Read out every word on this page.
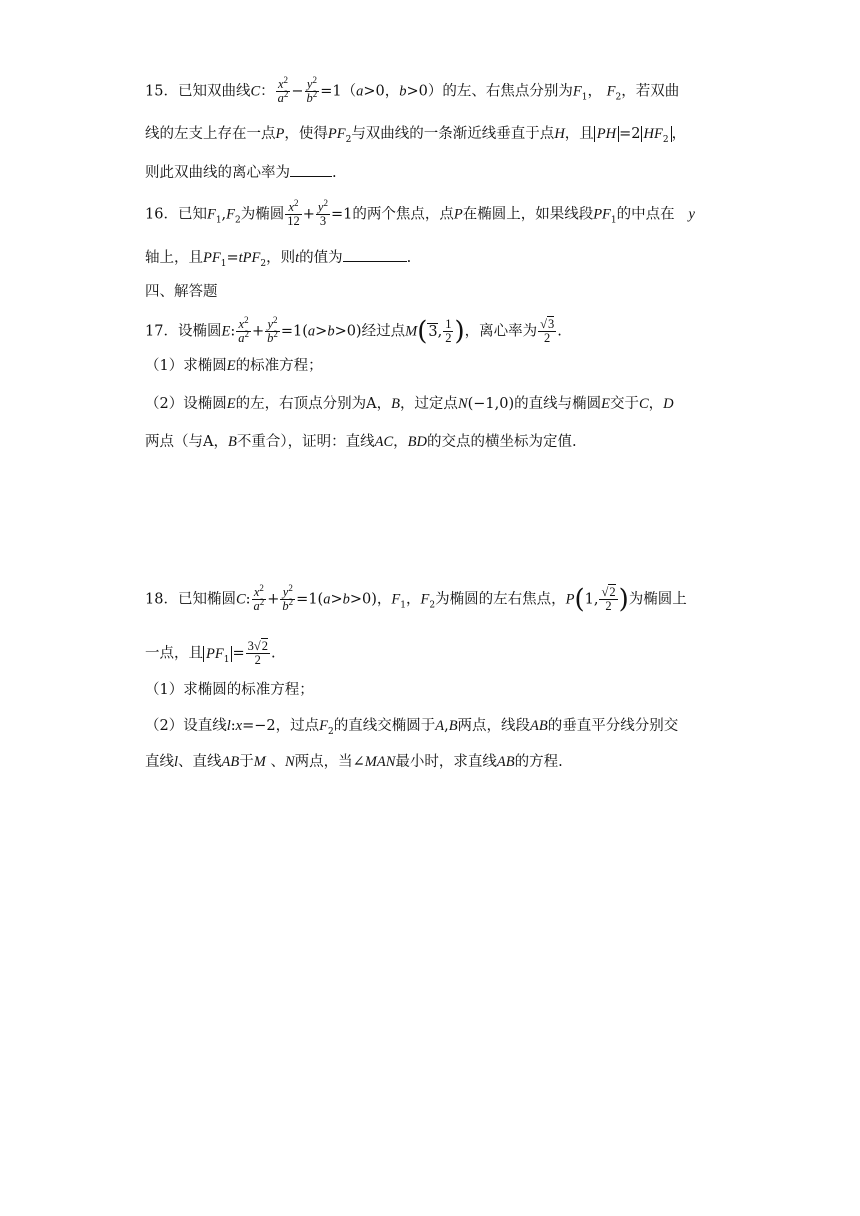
15．已知双曲线C： $\frac{x^2}{a^2} - \frac{y^2}{b^2} =1(a>0$，b>0）的左、右焦点分别为$F_1$， $F_2$，若双曲
线的左支上存在一点P，使得$PF_2$与双曲线的一条渐近线垂直于点H，且 PH =2 $HF_2$ ，
则此双曲线的离心率为	.
16．已知$F_1,F_2$为椭圆 $\frac{x^2}{12} + \frac{y^2}{3} =1$的两个焦点，点P在椭圆上，如果线段$PF_1$的中点在 y
轴上，且$PF_1=tPF_2$，则t的值为	.
四、解答题
17．设椭圆E: $\frac{x^2}{a^2} + \frac{y^2}{b^2} =1(a>b>0)$经过点M(3, $\frac{1}{2}$ )，离心率为 $\frac{√3}{2}$ .
（1）求椭圆E的标准方程；
（2）设椭圆E的左，右顶点分别为A，B，过定点N(−1,0)的直线与椭圆E交于C，D
两点（与A，B不重合），证明：直线AC，BD的交点的横坐标为定值.
18．已知椭圆C: $\frac{x^2}{a^2} + \frac{y^2}{b^2} =1(a>b>0)$，$F_1$，$F_2$为椭圆的左右焦点，P(1, $\frac{√2}{2}$ )为椭圆上
一点，且 $PF_1 = \frac{3√2}{2}$ .
（1）求椭圆的标准方程；
（2）设直线l:x=−2，过点$F_2$的直线交椭圆于A,B两点，线段AB的垂直平分线分别交
直线l、直线AB于M 、N两点，当∠MAN最小时，求直线AB的方程.
